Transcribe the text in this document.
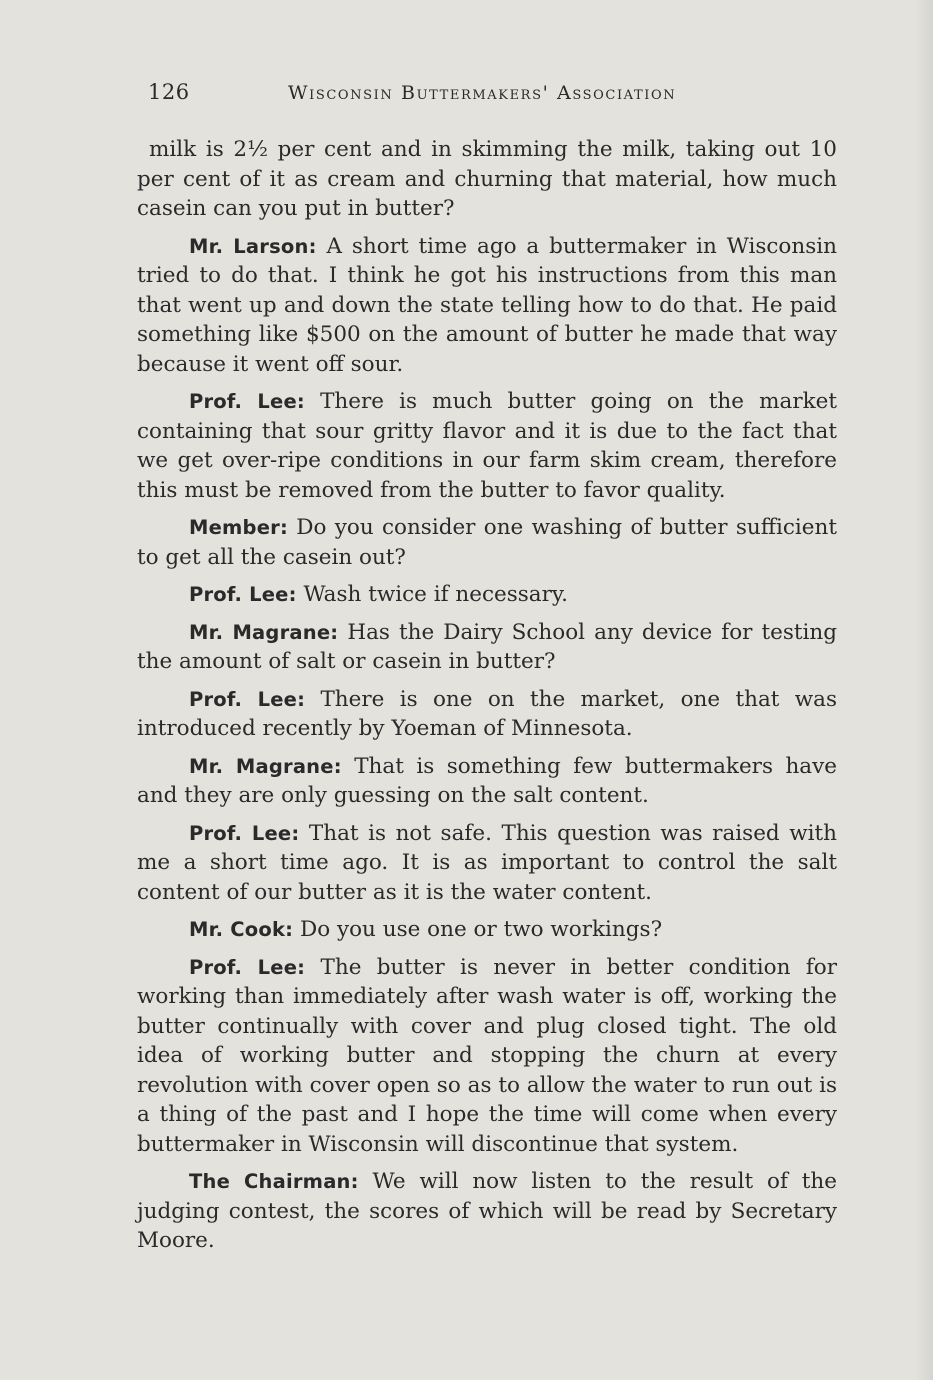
126	Wisconsin Buttermakers' Association

milk is 2½ per cent and in skimming the milk, taking out 10 per cent of it as cream and churning that material, how much casein can you put in butter?

Mr. Larson: A short time ago a buttermaker in Wisconsin tried to do that. I think he got his instructions from this man that went up and down the state telling how to do that. He paid something like $500 on the amount of butter he made that way because it went off sour.

Prof. Lee: There is much butter going on the market containing that sour gritty flavor and it is due to the fact that we get over-ripe conditions in our farm skim cream, therefore this must be removed from the butter to favor quality.

Member: Do you consider one washing of butter sufficient to get all the casein out?

Prof. Lee: Wash twice if necessary.

Mr. Magrane: Has the Dairy School any device for testing the amount of salt or casein in butter?

Prof. Lee: There is one on the market, one that was introduced recently by Yoeman of Minnesota.

Mr. Magrane: That is something few buttermakers have and they are only guessing on the salt content.

Prof. Lee: That is not safe. This question was raised with me a short time ago. It is as important to control the salt content of our butter as it is the water content.

Mr. Cook: Do you use one or two workings?

Prof. Lee: The butter is never in better condition for working than immediately after wash water is off, working the butter continually with cover and plug closed tight. The old idea of working butter and stopping the churn at every revolution with cover open so as to allow the water to run out is a thing of the past and I hope the time will come when every buttermaker in Wisconsin will discontinue that system.

The Chairman: We will now listen to the result of the judging contest, the scores of which will be read by Secretary Moore.
